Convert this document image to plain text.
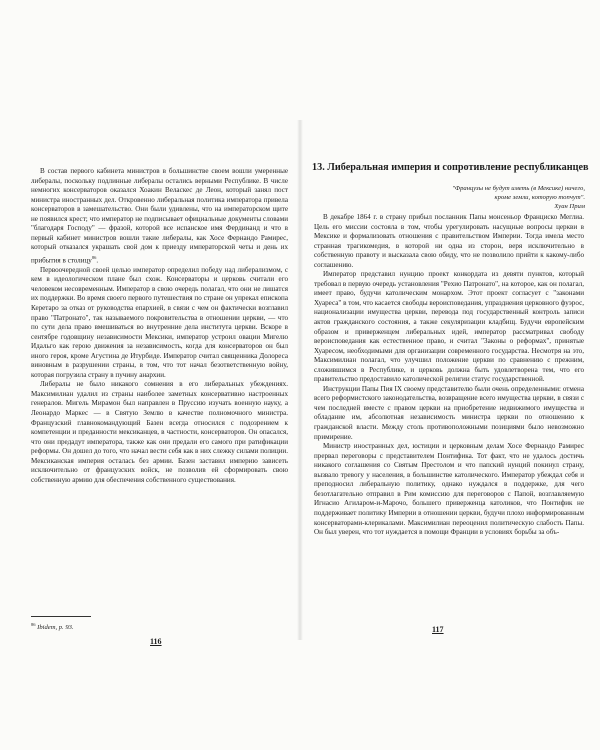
В состав первого кабинета министров в большинстве своем вошли умеренные либералы, поскольку подлинные либералы остались верными Республике. В числе немногих консерваторов оказался Хоакин Веласкес де Леон, который занял пост министра иностранных дел. Откровенно либеральная политика императора привела консерваторов в замешательство. Они были удивлены, что на императорском щите не появился крест; что император не подписывает официальные документы словами "благодаря Господу" — фразой, которой все испанское имя Фердинанд и что в первый кабинет министров вошли такие либералы, как Хосе Фернандо Рамирес, который отказался украшать свой дом к приезду императорской четы и день их прибытия в столицу$^{86}$.

Первоочередной своей целью император определил победу над либерализмом, с кем в идеологическом плане был схож. Консерваторы и церковь считали его человеком несовременным. Император в свою очередь полагал, что они не лишатся их поддержки. Во время своего первого путешествия по стране он упрекал епископа Керетаро за отказ от руководства епархией, в связи с чем он фактически возглавил право "Патронато", так называемого покровительства в отношении церкви, — что по сути дела право вмешиваться во внутренние дела института церкви. Вскоре в сентябре годовщину независимости Мексики, император устроил овации Мигелю Идальго как герою движения за независимость, когда для консерваторов он был иного героя, кроме Агустина де Итурбиде. Император считал священника Долореса виновным в разрушении страны, в том, что тот начал безответственную войну, которая погрузила страну в пучину анархии.

Либералы не было никакого сомнения в его либеральных убеждениях. Максимилиан удалил из страны наиболее заметных консервативно настроенных генералов. Мигель Мирамон был направлен в Пруссию изучать военную науку, а Леонардо Маркес — в Святую Землю в качестве полномочного министра. Французский главнокомандующий Базен всегда относился с подозрением к компетенции и преданности мексиканцев, в частности, консерваторов. Он опасался, что они предадут императора, также как они предали его самого при ратификации реформы. Он дошел до того, что начал вести себя как в них слежку силами полиции. Мексиканская империя осталась без армии. Базен заставил империю зависеть исключительно от французских войск, не позволив ей сформировать свою собственную армию для обеспечения собственного существования.

$^{86}$ Ibidem, p. 93.
116
13. Либеральная империя и сопротивление республиканцев
"Французы не будут иметь (в Мексике) ничего,
кроме земли, которую топчут".
Хуан Прим

В декабре 1864 г. в страну прибыл посланник Папы монсеньор Франциско Меглиа. Цель его миссии состояла в том, чтобы урегулировать насущные вопросы церкви в Мексике и формализовать отношения с правительством Империи. Тогда имела место странная трагикомедия, в которой ни одна из сторон, веря исключительно в собственную правоту и высказала свою обиду, что не позволило прийти к какому-либо соглашению.

Император представил нунцию проект конкордата из девяти пунктов, который требовал в первую очередь установления "Рехио Патронато", на которое, как он полагал, имеет право, будучи католическим монархом. Этот проект согласует с "законами Хуареса" в том, что касается свободы вероисповедания, упразднения церковного фуэрос, национализации имущества церкви, перевода под государственный контроль записи актов гражданского состояния, а также секуляризации кладбищ. Будучи европейским образом и приверженцем либеральных идей, император рассматривал свободу вероисповедания как естественное право, и считал "Законы о реформах", принятые Хуаресом, необходимыми для организации современного государства. Несмотря на это, Максимилиан полагал, что улучшил положение церкви по сравнению с прежним, сложившимся в Республике, и церковь должна быть удовлетворена тем, что его правительство предоставило католической религии статус государственной.

Инструкции Папы Пия IX своему представителю были очень определенными: отмена всего реформистского законодательства, возвращение всего имущества церкви, в связи с чем последней вместе с правом церкви на приобретение недвижимого имущества и обладание им, абсолютная независимость министра церкви по отношению к гражданской власти. Между столь противоположными позициями было невозможно примирение.

Министр иностранных дел, юстиции и церковным делам Хосе Фернандо Рамирес прервал переговоры с представителем Понтифика. Тот факт, что не удалось достичь никакого соглашения со Святым Престолом и что папский нунций покинул страну, вызвало тревогу у населения, в большинстве католического. Император убеждал себя и преподносил либеральную политику, однако нуждался в поддержке, для чего безотлагательно отправил в Рим комиссию для переговоров с Папой, возглавляемую Игнасио Агиларом-и-Марочо, большего приверженца католиков, что Понтифик не поддерживает политику Империи в отношении церкви, будучи плохо информированным консерваторами-клерикалами. Максимилиан переоценил политическую слабость Папы. Он был уверен, что тот нуждается в помощи Франции в условиях борьбы за объ-

117
